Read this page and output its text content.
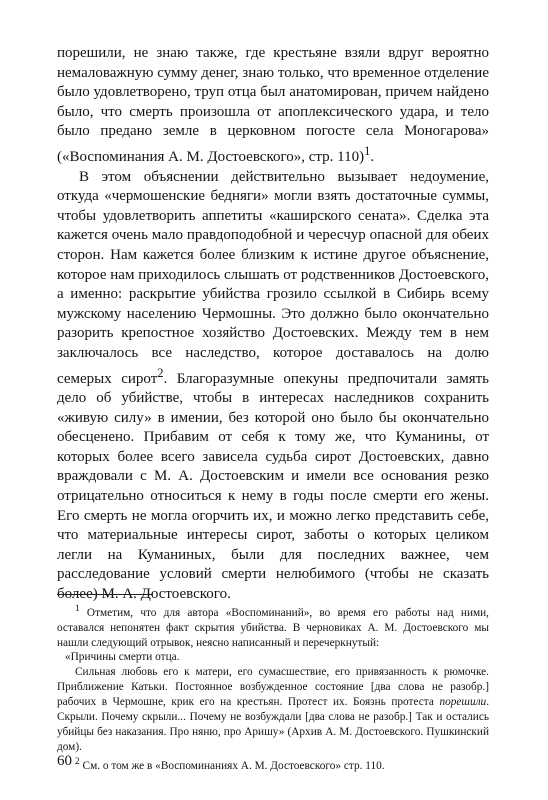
порешили, не знаю также, где крестьяне взяли вдруг вероятно немаловажную сумму денег, знаю только, что временное отделение было удовлетворено, труп отца был анатомирован, причем найдено было, что смерть произошла от апоплексического удара, и тело было предано земле в церковном погосте села Моногарова» («Воспоминания А. М. Достоевского», стр. 110)$^1$.

В этом объяснении действительно вызывает недоумение, откуда «чермошенские бедняги» могли взять достаточные суммы, чтобы удовлетворить аппетиты «каширского сената». Сделка эта кажется очень мало правдоподобной и чересчур опасной для обеих сторон. Нам кажется более близким к истине другое объяснение, которое нам приходилось слышать от родственников Достоевского, а именно: раскрытие убийства грозило ссылкой в Сибирь всему мужскому населению Чермошны. Это должно было окончательно разорить крепостное хозяйство Достоевских. Между тем в нем заключалось все наследство, которое доставалось на долю семерых сирот$^2$. Благоразумные опекуны предпочитали замять дело об убийстве, чтобы в интересах наследников сохранить «живую силу» в имении, без которой оно было бы окончательно обесценено. Прибавим от себя к тому же, что Куманины, от которых более всего зависела судьба сирот Достоевских, давно враждовали с М. А. Достоевским и имели все основания резко отрицательно относиться к нему в годы после смерти его жены. Его смерть не могла огорчить их, и можно легко представить себе, что материальные интересы сирот, заботы о которых целиком легли на Куманиных, были для последних важнее, чем расследование условий смерти нелюбимого (чтобы не сказать более) М. А. Достоевского.

$^1$ Отметим, что для автора «Воспоминаний», во время его работы над ними, оставался непонятен факт скрытия убийства. В черновиках А. М. Достоевского мы нашли следующий отрывок, неясно написанный и перечеркнутый:

«Причины смерти отца.

Сильная любовь его к матери, его сумасшествие, его привязанность к рюмочке. Приближение Катьки. Постоянное возбужденное состояние [два слова не разобр.] рабочих в Чермошне, крик его на крестьян. Протест их. Боязнь протеста порешили. Скрыли. Почему скрыли... Почему не возбуждали [два слова не разобр.] Так и остались убийцы без наказания. Про няню, про Аришу» (Архив А. М. Достоевского. Пушкинский дом).

$^2$ См. о том же в «Воспоминаниях А. М. Достоевского» стр. 110.

60
